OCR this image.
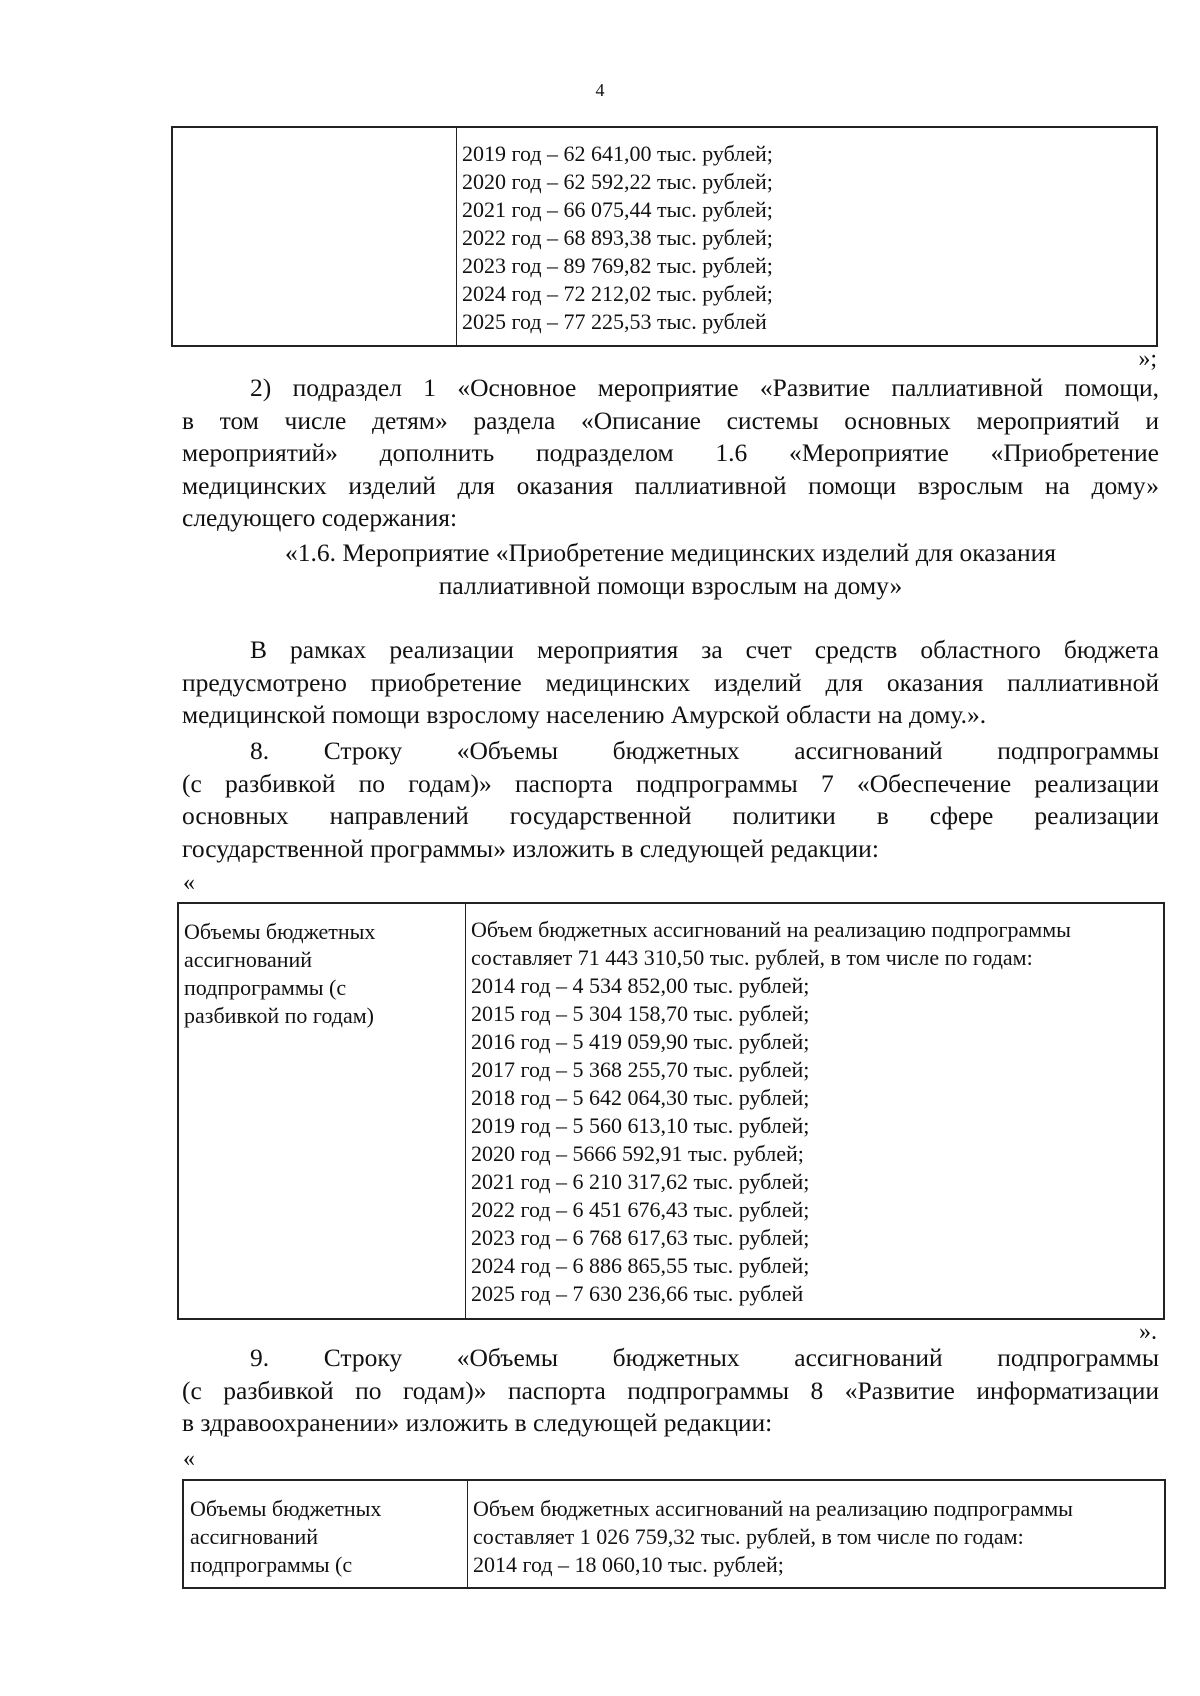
4

2019 год – 62 641,00 тыс. рублей;
2020 год – 62 592,22 тыс. рублей;
2021 год – 66 075,44 тыс. рублей;
2022 год – 68 893,38 тыс. рублей;
2023 год – 89 769,82 тыс. рублей;
2024 год – 72 212,02 тыс. рублей;
2025 год – 77 225,53 тыс. рублей
»;
2) подраздел 1 «Основное мероприятие «Развитие паллиативной помощи,
в том числе детям» раздела «Описание системы основных мероприятий и
мероприятий» дополнить подразделом 1.6 «Мероприятие «Приобретение
медицинских изделий для оказания паллиативной помощи взрослым на дому»
следующего содержания:
«1.6. Мероприятие «Приобретение медицинских изделий для оказания
паллиативной помощи взрослым на дому»
В рамках реализации мероприятия за счет средств областного бюджета
предусмотрено приобретение медицинских изделий для оказания паллиативной
медицинской помощи взрослому населению Амурской области на дому.».
8. Строку «Объемы бюджетных ассигнований подпрограммы
(с разбивкой по годам)» паспорта подпрограммы 7 «Обеспечение реализации
основных направлений государственной политики в сфере реализации
государственной программы» изложить в следующей редакции:
«
Объемы бюджетных
ассигнований
подпрограммы (с
разбивкой по годам)

Объем бюджетных ассигнований на реализацию подпрограммы
составляет 71 443 310,50 тыс. рублей, в том числе по годам:
2014 год – 4 534 852,00 тыс. рублей;
2015 год – 5 304 158,70 тыс. рублей;
2016 год – 5 419 059,90 тыс. рублей;
2017 год – 5 368 255,70 тыс. рублей;
2018 год – 5 642 064,30 тыс. рублей;
2019 год – 5 560 613,10 тыс. рублей;
2020 год – 5666 592,91 тыс. рублей;
2021 год – 6 210 317,62 тыс. рублей;
2022 год – 6 451 676,43 тыс. рублей;
2023 год – 6 768 617,63 тыс. рублей;
2024 год – 6 886 865,55 тыс. рублей;
2025 год – 7 630 236,66 тыс. рублей
».
9. Строку «Объемы бюджетных ассигнований подпрограммы
(с разбивкой по годам)» паспорта подпрограммы 8 «Развитие информатизации
в здравоохранении» изложить в следующей редакции:
«
Объемы бюджетных
ассигнований
подпрограммы (с

Объем бюджетных ассигнований на реализацию подпрограммы
составляет 1 026 759,32 тыс. рублей, в том числе по годам:
2014 год – 18 060,10 тыс. рублей;
